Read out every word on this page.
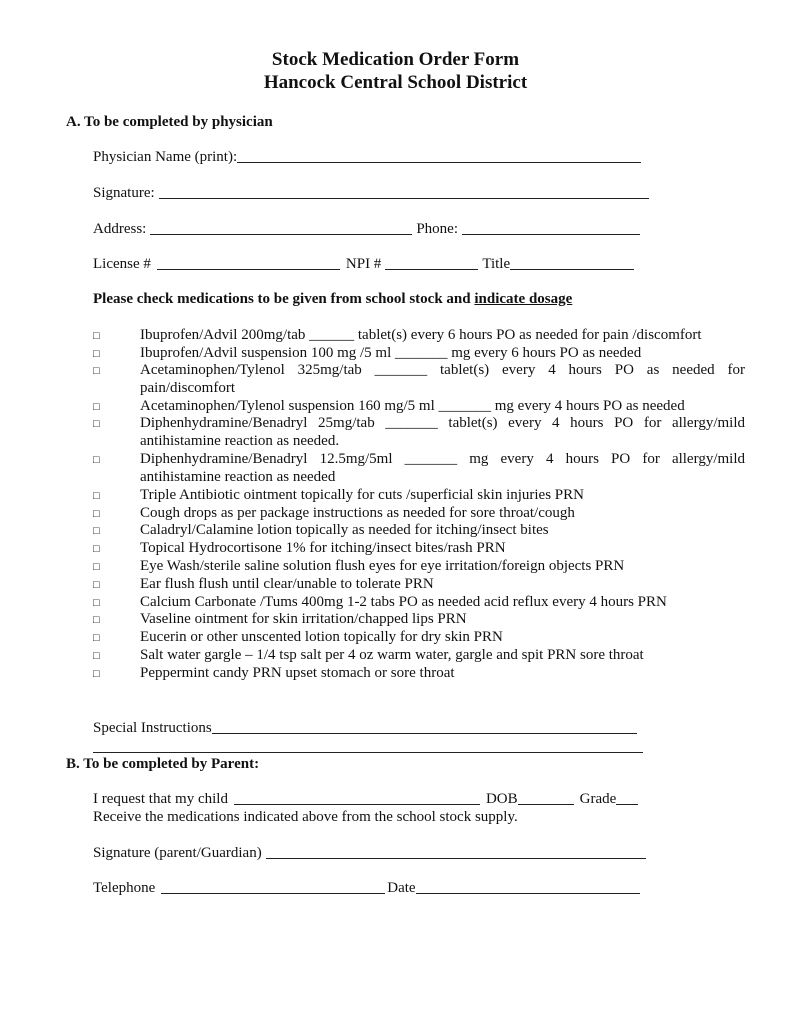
Stock Medication Order Form
Hancock Central School District
A. To be completed by physician
Physician Name (print):
Signature:
Address:	Phone:
License #	NPI #	Title
Please check medications to be given from school stock and indicate dosage
□	Ibuprofen/Advil 200mg/tab ______ tablet(s) every 6 hours PO as needed for pain /discomfort
□	Ibuprofen/Advil suspension 100 mg /5 ml _______ mg every 6 hours PO as needed
□	Acetaminophen/Tylenol 325mg/tab _______ tablet(s) every 4 hours PO as needed for pain/discomfort
□	Acetaminophen/Tylenol suspension 160 mg/5 ml _______ mg every 4 hours PO as needed
□	Diphenhydramine/Benadryl 25mg/tab _______ tablet(s) every 4 hours PO for allergy/mild antihistamine reaction as needed.
□	Diphenhydramine/Benadryl 12.5mg/5ml _______ mg every 4 hours PO for allergy/mild antihistamine reaction as needed
□	Triple Antibiotic ointment topically for cuts /superficial skin injuries PRN
□	Cough drops as per package instructions as needed for sore throat/cough
□	Caladryl/Calamine lotion topically as needed for itching/insect bites
□	Topical Hydrocortisone 1% for itching/insect bites/rash PRN
□	Eye Wash/sterile saline solution flush eyes for eye irritation/foreign objects PRN
□	Ear flush flush until clear/unable to tolerate PRN
□	Calcium Carbonate /Tums 400mg 1-2 tabs PO as needed acid reflux every 4 hours PRN
□	Vaseline ointment for skin irritation/chapped lips PRN
□	Eucerin or other unscented lotion topically for dry skin PRN
□	Salt water gargle – 1/4 tsp salt per 4 oz warm water, gargle and spit PRN sore throat
□	Peppermint candy PRN upset stomach or sore throat
Special Instructions
B. To be completed by Parent:
I request that my child	DOB	Grade
Receive the medications indicated above from the school stock supply.
Signature (parent/Guardian)
Telephone	Date
